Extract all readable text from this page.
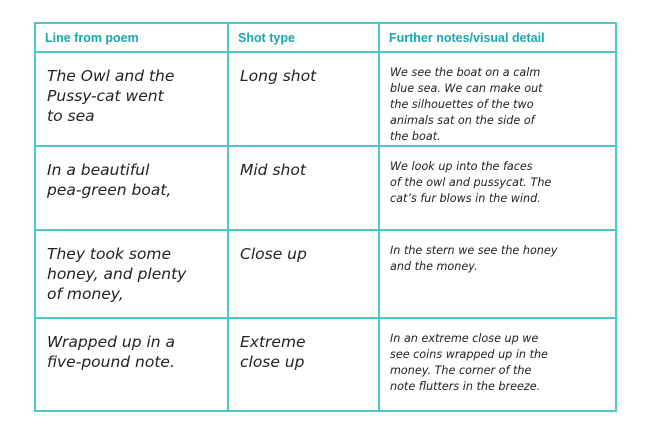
Line from poem	Shot type	Further notes/visual detail

The Owl and the
Pussy-cat went
to sea	Long shot	We see the boat on a calm
blue sea. We can make out
the silhouettes of the two
animals sat on the side of
the boat.

In a beautiful
pea-green boat,	Mid shot	We look up into the faces
of the owl and pussycat. The
cat’s fur blows in the wind.

They took some
honey, and plenty
of money,	Close up	In the stern we see the honey
and the money.

Wrapped up in a
five-pound note.	Extreme
close up	In an extreme close up we
see coins wrapped up in the
money. The corner of the
note flutters in the breeze.
